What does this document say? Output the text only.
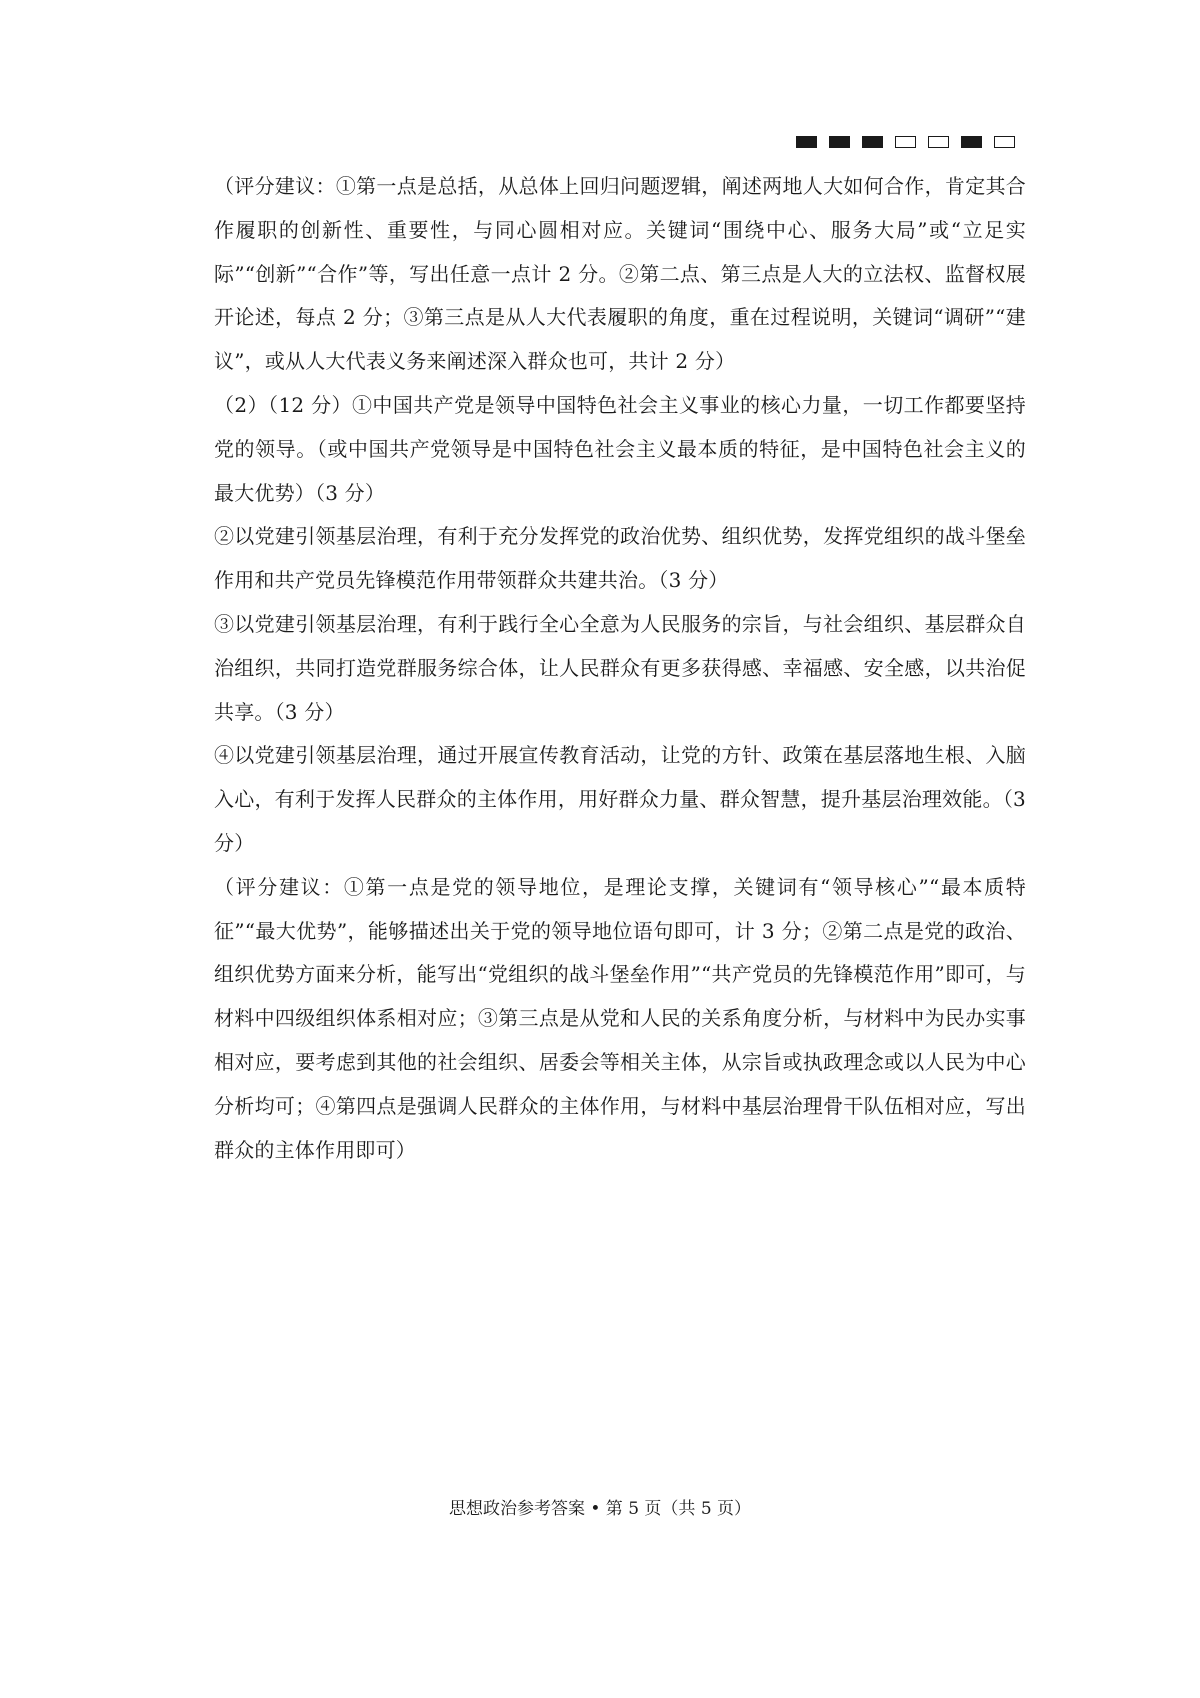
（评分建议：①第一点是总括，从总体上回归问题逻辑，阐述两地人大如何合作，肯定其合作履职的创新性、重要性，与同心圆相对应。关键词“围绕中心、服务大局”或“立足实际”“创新”“合作”等，写出任意一点计 2 分。②第二点、第三点是人大的立法权、监督权展开论述，每点 2 分；③第三点是从人大代表履职的角度，重在过程说明，关键词“调研”“建议”，或从人大代表义务来阐述深入群众也可，共计 2 分）

（2）（12 分）①中国共产党是领导中国特色社会主义事业的核心力量，一切工作都要坚持党的领导。（或中国共产党领导是中国特色社会主义最本质的特征，是中国特色社会主义的最大优势）（3 分）

②以党建引领基层治理，有利于充分发挥党的政治优势、组织优势，发挥党组织的战斗堡垒作用和共产党员先锋模范作用带领群众共建共治。（3 分）

③以党建引领基层治理，有利于践行全心全意为人民服务的宗旨，与社会组织、基层群众自治组织，共同打造党群服务综合体，让人民群众有更多获得感、幸福感、安全感，以共治促共享。（3 分）

④以党建引领基层治理，通过开展宣传教育活动，让党的方针、政策在基层落地生根、入脑入心，有利于发挥人民群众的主体作用，用好群众力量、群众智慧，提升基层治理效能。（3 分）

（评分建议：①第一点是党的领导地位，是理论支撑，关键词有“领导核心”“最本质特征”“最大优势”，能够描述出关于党的领导地位语句即可，计 3 分；②第二点是党的政治、组织优势方面来分析，能写出“党组织的战斗堡垒作用”“共产党员的先锋模范作用”即可，与材料中四级组织体系相对应；③第三点是从党和人民的关系角度分析，与材料中为民办实事相对应，要考虑到其他的社会组织、居委会等相关主体，从宗旨或执政理念或以人民为中心分析均可；④第四点是强调人民群众的主体作用，与材料中基层治理骨干队伍相对应，写出群众的主体作用即可）

思想政治参考答案 • 第 5 页（共 5 页）
